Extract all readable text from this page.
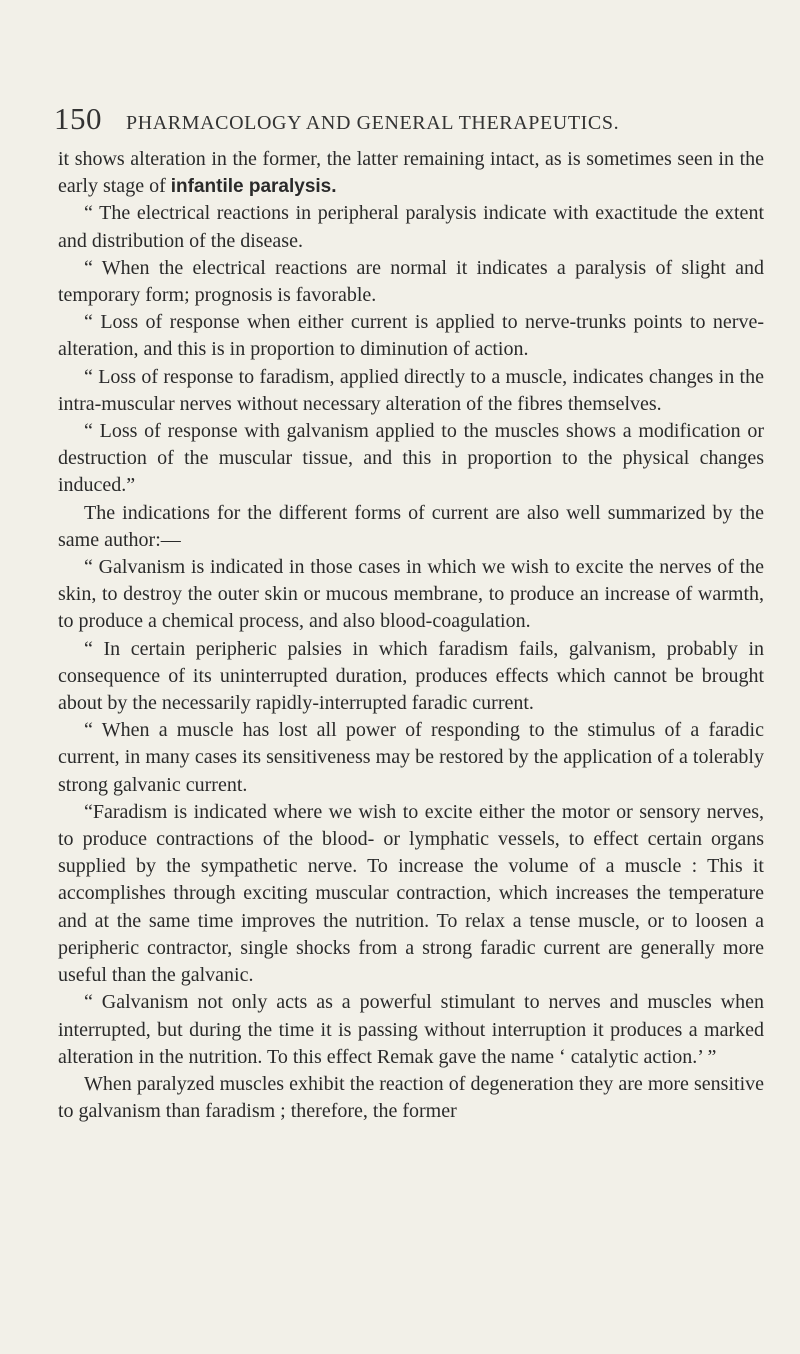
150 PHARMACOLOGY AND GENERAL THERAPEUTICS.

it shows alteration in the former, the latter remaining intact, as is sometimes seen in the early stage of infantile paralysis.

“ The electrical reactions in peripheral paralysis indicate with exactitude the extent and distribution of the disease.

“ When the electrical reactions are normal it indicates a paralysis of slight and temporary form; prognosis is favorable.

“ Loss of response when either current is applied to nerve-trunks points to nerve-alteration, and this is in proportion to diminution of action.

“ Loss of response to faradism, applied directly to a muscle, indicates changes in the intra-muscular nerves without necessary alteration of the fibres themselves.

“ Loss of response with galvanism applied to the muscles shows a modification or destruction of the muscular tissue, and this in proportion to the physical changes induced.”

The indications for the different forms of current are also well summarized by the same author:—

“ Galvanism is indicated in those cases in which we wish to excite the nerves of the skin, to destroy the outer skin or mucous membrane, to produce an increase of warmth, to produce a chemical process, and also blood-coagulation.

“ In certain peripheric palsies in which faradism fails, galvanism, probably in consequence of its uninterrupted duration, produces effects which cannot be brought about by the necessarily rapidly-interrupted faradic current.

“ When a muscle has lost all power of responding to the stimulus of a faradic current, in many cases its sensitiveness may be restored by the application of a tolerably strong galvanic current.

“Faradism is indicated where we wish to excite either the motor or sensory nerves, to produce contractions of the blood- or lymphatic vessels, to effect certain organs supplied by the sympathetic nerve. To increase the volume of a muscle : This it accomplishes through exciting muscular contraction, which increases the temperature and at the same time improves the nutrition. To relax a tense muscle, or to loosen a peripheric contractor, single shocks from a strong faradic current are generally more useful than the galvanic.

“ Galvanism not only acts as a powerful stimulant to nerves and muscles when interrupted, but during the time it is passing without interruption it produces a marked alteration in the nutrition. To this effect Remak gave the name ‘ catalytic action.’ ”

When paralyzed muscles exhibit the reaction of degeneration they are more sensitive to galvanism than faradism ; therefore, the former
